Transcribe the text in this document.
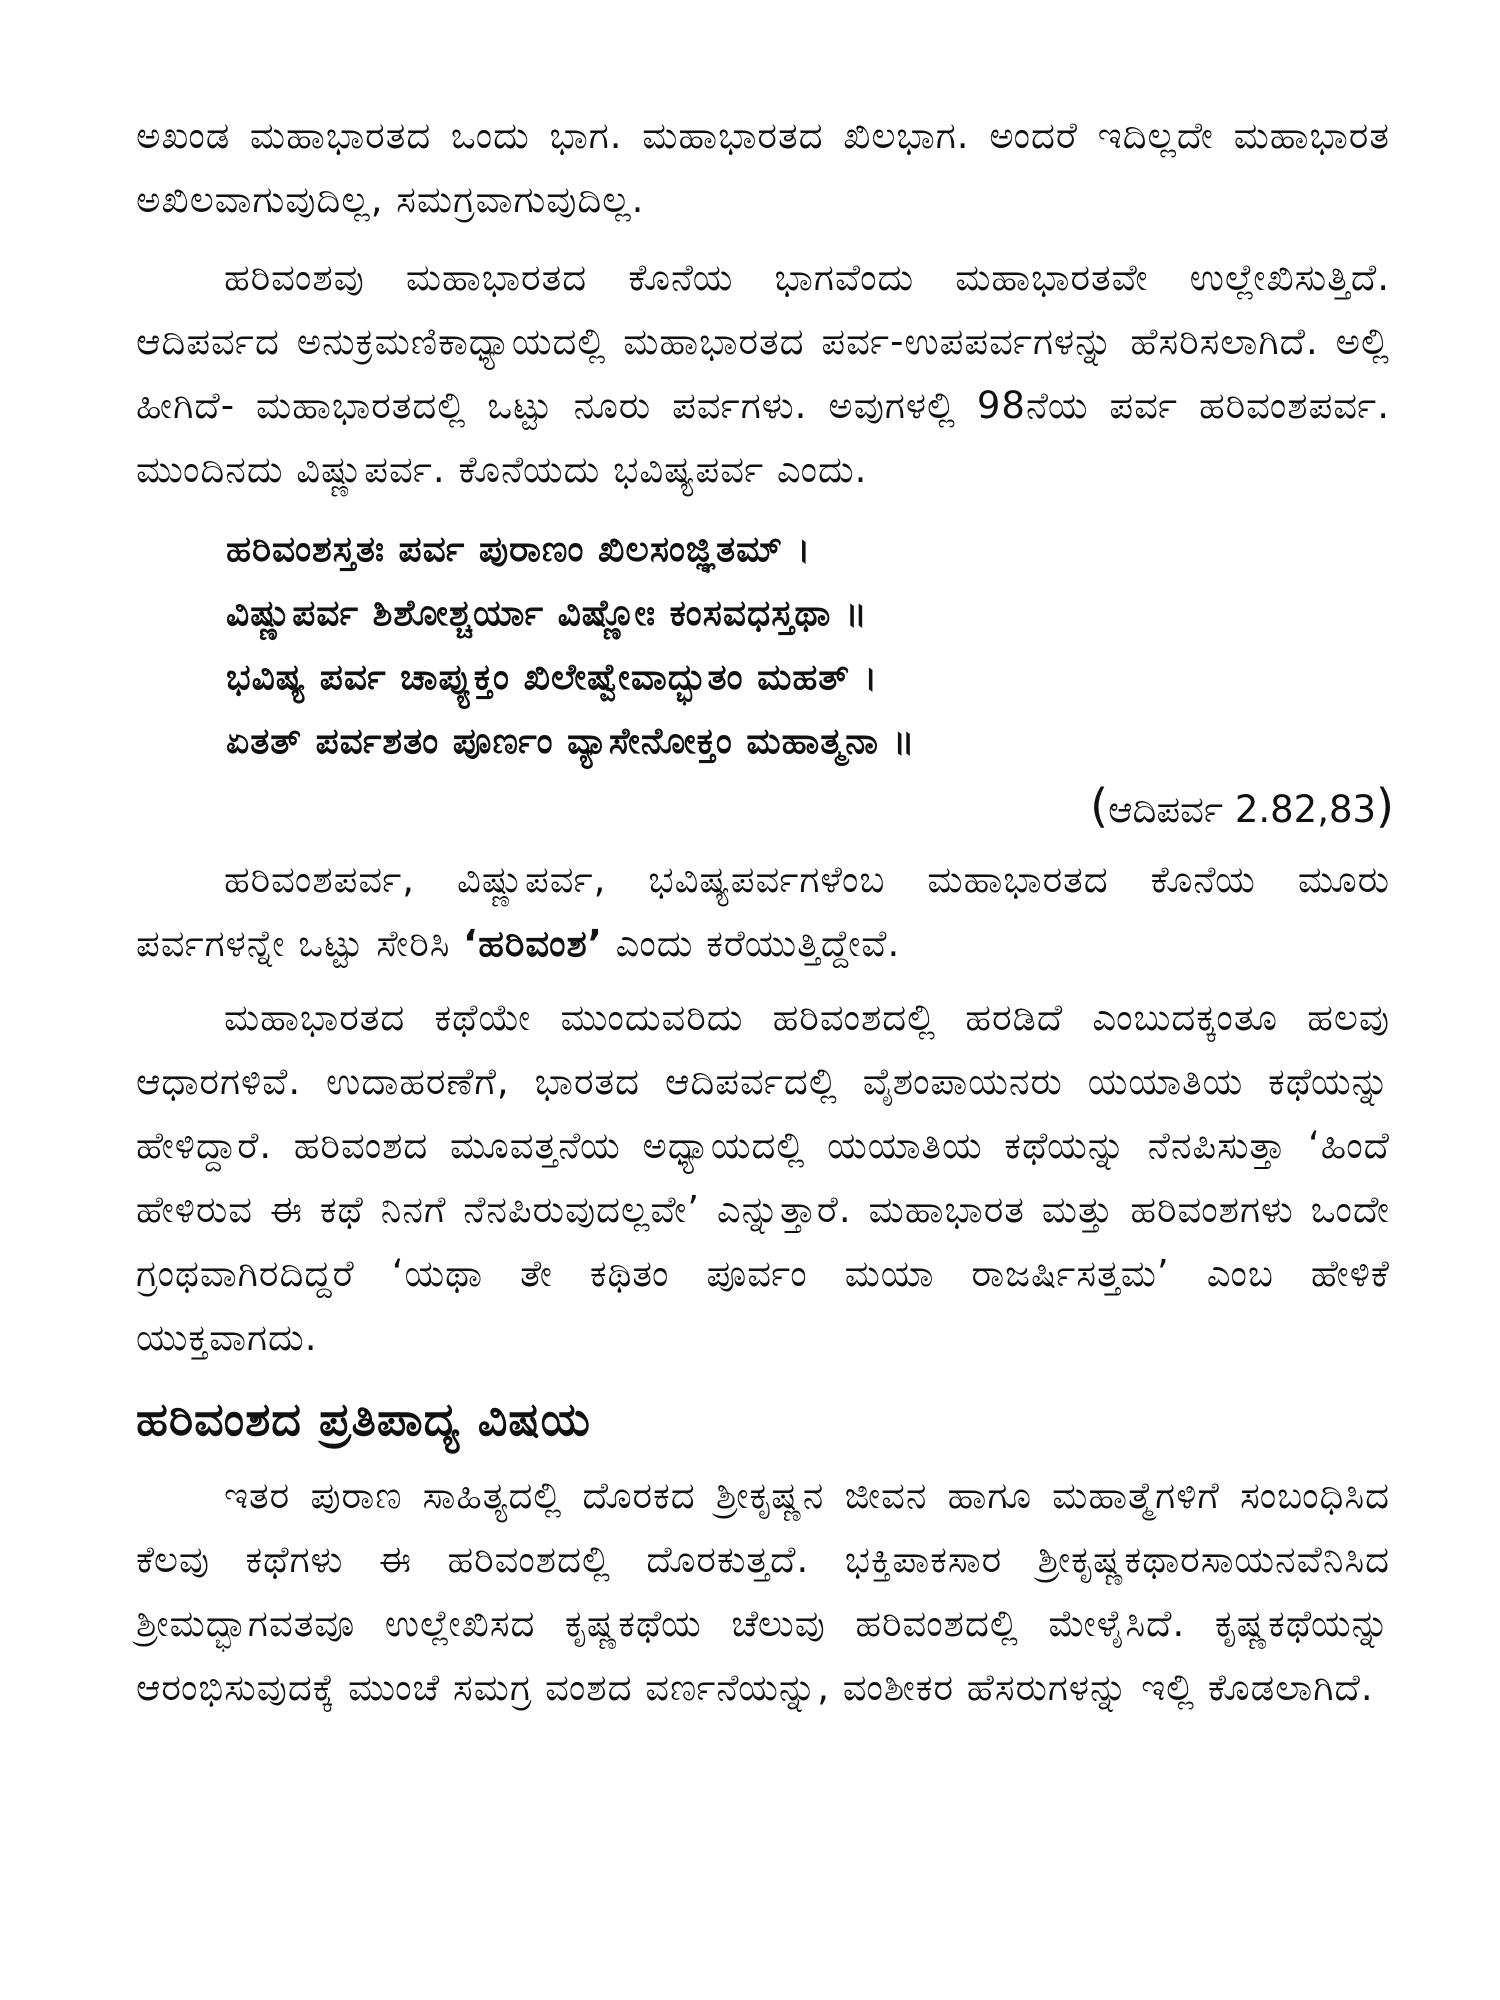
ಅಖಂಡ ಮಹಾಭಾರತದ ಒಂದು ಭಾಗ. ಮಹಾಭಾರತದ ಖಿಲಭಾಗ. ಅಂದರೆ ಇದಿಲ್ಲದೇ ಮಹಾಭಾರತ ಅಖಿಲವಾಗುವುದಿಲ್ಲ, ಸಮಗ್ರವಾಗುವುದಿಲ್ಲ.

ಹರಿವಂಶವು ಮಹಾಭಾರತದ ಕೊನೆಯ ಭಾಗವೆಂದು ಮಹಾಭಾರತವೇ ಉಲ್ಲೇಖಿಸುತ್ತಿದೆ. ಆದಿಪರ್ವದ ಅನುಕ್ರಮಣಿಕಾಧ್ಯಾಯದಲ್ಲಿ ಮಹಾಭಾರತದ ಪರ್ವ-ಉಪಪರ್ವಗಳನ್ನು ಹೆಸರಿಸಲಾಗಿದೆ. ಅಲ್ಲಿ ಹೀಗಿದೆ- ಮಹಾಭಾರತದಲ್ಲಿ ಒಟ್ಟು ನೂರು ಪರ್ವಗಳು. ಅವುಗಳಲ್ಲಿ 98ನೆಯ ಪರ್ವ ಹರಿವಂಶಪರ್ವ. ಮುಂದಿನದು ವಿಷ್ಣುಪರ್ವ. ಕೊನೆಯದು ಭವಿಷ್ಯಪರ್ವ ಎಂದು.

ಹರಿವಂಶಸ್ತತಃ ಪರ್ವ ಪುರಾಣಂ ಖಿಲಸಂಜ್ಞಿತಮ್ ।

ವಿಷ್ಣುಪರ್ವ ಶಿಶೋಶ್ಚರ್ಯಾ ವಿಷ್ಣೋಃ ಕಂಸವಧಸ್ತಥಾ ॥

ಭವಿಷ್ಯ ಪರ್ವ ಚಾಪ್ಯುಕ್ತಂ ಖಿಲೇಷ್ವೇವಾದ್ಭುತಂ ಮಹತ್ ।

ಏತತ್ ಪರ್ವಶತಂ ಪೂರ್ಣಂ ವ್ಯಾಸೇನೋಕ್ತಂ ಮಹಾತ್ಮನಾ ॥

(ಆದಿಪರ್ವ 2.82,83)

ಹರಿವಂಶಪರ್ವ, ವಿಷ್ಣುಪರ್ವ, ಭವಿಷ್ಯಪರ್ವಗಳೆಂಬ ಮಹಾಭಾರತದ ಕೊನೆಯ ಮೂರು ಪರ್ವಗಳನ್ನೇ ಒಟ್ಟು ಸೇರಿಸಿ ‘ಹರಿವಂಶ’ ಎಂದು ಕರೆಯುತ್ತಿದ್ದೇವೆ.

ಮಹಾಭಾರತದ ಕಥೆಯೇ ಮುಂದುವರಿದು ಹರಿವಂಶದಲ್ಲಿ ಹರಡಿದೆ ಎಂಬುದಕ್ಕಂತೂ ಹಲವು ಆಧಾರಗಳಿವೆ. ಉದಾಹರಣೆಗೆ, ಭಾರತದ ಆದಿಪರ್ವದಲ್ಲಿ ವೈಶಂಪಾಯನರು ಯಯಾತಿಯ ಕಥೆಯನ್ನು ಹೇಳಿದ್ದಾರೆ. ಹರಿವಂಶದ ಮೂವತ್ತನೆಯ ಅಧ್ಯಾಯದಲ್ಲಿ ಯಯಾತಿಯ ಕಥೆಯನ್ನು ನೆನಪಿಸುತ್ತಾ ‘ಹಿಂದೆ ಹೇಳಿರುವ ಈ ಕಥೆ ನಿನಗೆ ನೆನಪಿರುವುದಲ್ಲವೇ’ ಎನ್ನುತ್ತಾರೆ. ಮಹಾಭಾರತ ಮತ್ತು ಹರಿವಂಶಗಳು ಒಂದೇ ಗ್ರಂಥವಾಗಿರದಿದ್ದರೆ ‘ಯಥಾ ತೇ ಕಥಿತಂ ಪೂರ್ವಂ ಮಯಾ ರಾಜರ್ಷಿಸತ್ತಮ’ ಎಂಬ ಹೇಳಿಕೆ ಯುಕ್ತವಾಗದು.

ಹರಿವಂಶದ ಪ್ರತಿಪಾದ್ಯ ವಿಷಯ

ಇತರ ಪುರಾಣ ಸಾಹಿತ್ಯದಲ್ಲಿ ದೊರಕದ ಶ್ರೀಕೃಷ್ಣನ ಜೀವನ ಹಾಗೂ ಮಹಾತ್ಮೆಗಳಿಗೆ ಸಂಬಂಧಿಸಿದ ಕೆಲವು ಕಥೆಗಳು ಈ ಹರಿವಂಶದಲ್ಲಿ ದೊರಕುತ್ತದೆ. ಭಕ್ತಿಪಾಕಸಾರ ಶ್ರೀಕೃಷ್ಣಕಥಾರಸಾಯನವೆನಿಸಿದ ಶ್ರೀಮದ್ಭಾಗವತವೂ ಉಲ್ಲೇಖಿಸದ ಕೃಷ್ಣಕಥೆಯ ಚೆಲುವು ಹರಿವಂಶದಲ್ಲಿ ಮೇಳೈಸಿದೆ. ಕೃಷ್ಣಕಥೆಯನ್ನು ಆರಂಭಿಸುವುದಕ್ಕೆ ಮುಂಚೆ ಸಮಗ್ರ ವಂಶದ ವರ್ಣನೆಯನ್ನು, ವಂಶೀಕರ ಹೆಸರುಗಳನ್ನು ಇಲ್ಲಿ ಕೊಡಲಾಗಿದೆ.
